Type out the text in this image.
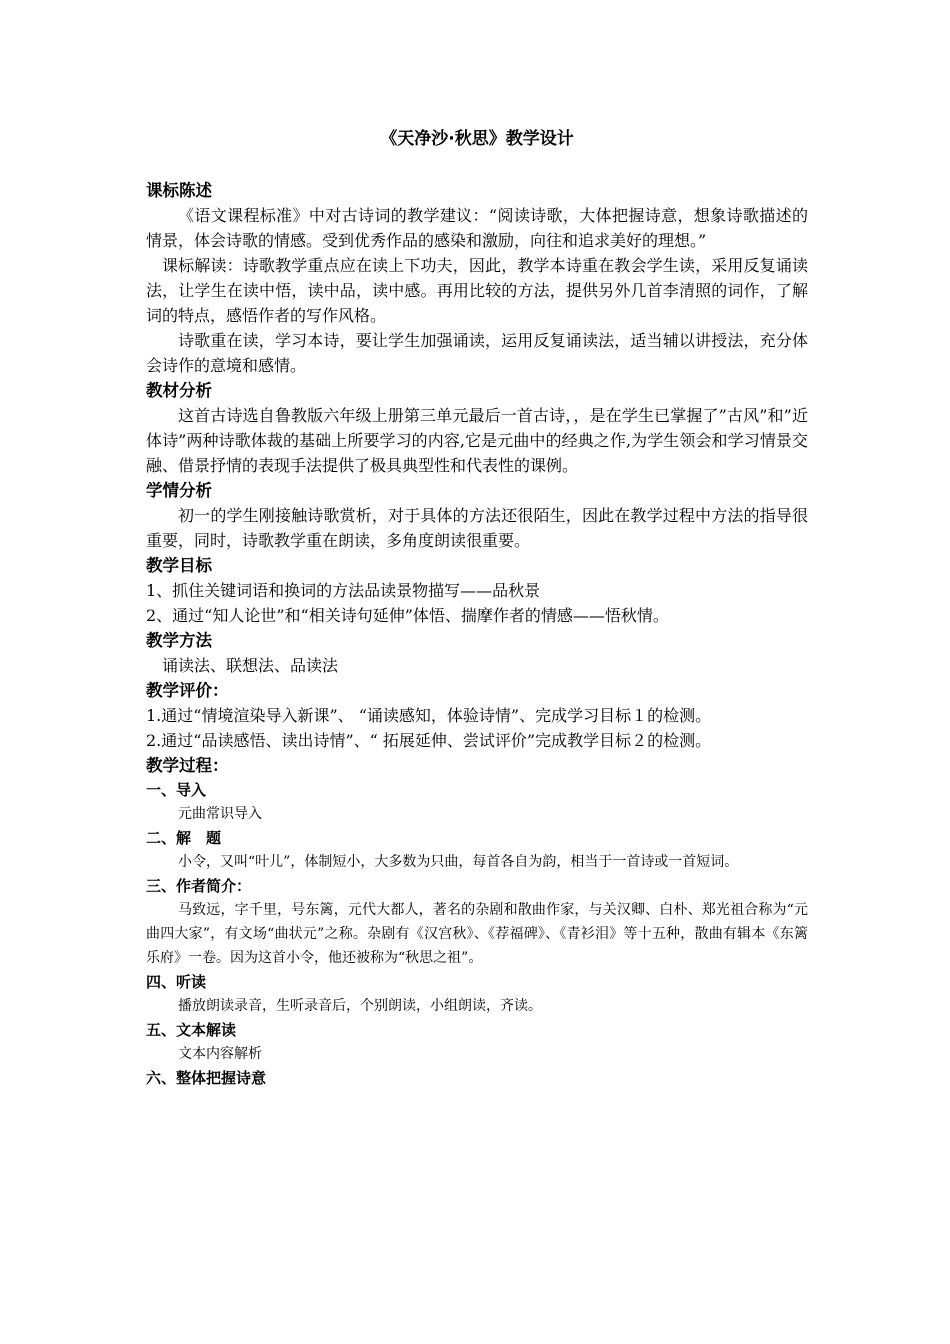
《天净沙·秋思》教学设计
课标陈述
《语文课程标准》中对古诗词的教学建议：“阅读诗歌，大体把握诗意，想象诗歌描述的情景，体会诗歌的情感。受到优秀作品的感染和激励，向往和追求美好的理想。”
课标解读：诗歌教学重点应在读上下功夫，因此，教学本诗重在教会学生读，采用反复诵读法，让学生在读中悟，读中品，读中感。再用比较的方法，提供另外几首李清照的词作，了解词的特点，感悟作者的写作风格。
诗歌重在读，学习本诗，要让学生加强诵读，运用反复诵读法，适当辅以讲授法，充分体会诗作的意境和感情。
教材分析
这首古诗选自鲁教版六年级上册第三单元最后一首古诗，，是在学生已掌握了”古风”和”近体诗”两种诗歌体裁的基础上所要学习的内容,它是元曲中的经典之作,为学生领会和学习情景交融、借景抒情的表现手法提供了极具典型性和代表性的课例。
学情分析
初一的学生刚接触诗歌赏析，对于具体的方法还很陌生，因此在教学过程中方法的指导很重要，同时，诗歌教学重在朗读，多角度朗读很重要。
教学目标
1、抓住关键词语和换词的方法品读景物描写——品秋景
2、通过“知人论世”和“相关诗句延伸”体悟、揣摩作者的情感——悟秋情。
教学方法
诵读法、联想法、品读法
教学评价：
1.通过“情境渲染导入新课”、 “诵读感知，体验诗情”、完成学习目标１的检测。
2.通过“品读感悟、读出诗情”、“ 拓展延伸、尝试评价”完成教学目标２的检测。
教学过程：
一、导入
元曲常识导入
二、解　题
小令，又叫“叶儿”，体制短小，大多数为只曲，每首各自为韵，相当于一首诗或一首短词。
三、作者简介：
马致远，字千里，号东篱，元代大都人，著名的杂剧和散曲作家，与关汉卿、白朴、郑光祖合称为“元曲四大家”，有文场“曲状元”之称。杂剧有《汉宫秋》、《荐福碑》、《青衫泪》等十五种，散曲有辑本《东篱乐府》一卷。因为这首小令，他还被称为“秋思之祖”。
四、听读
播放朗读录音，生听录音后，个别朗读，小组朗读，齐读。
五、文本解读
文本内容解析
六、整体把握诗意
